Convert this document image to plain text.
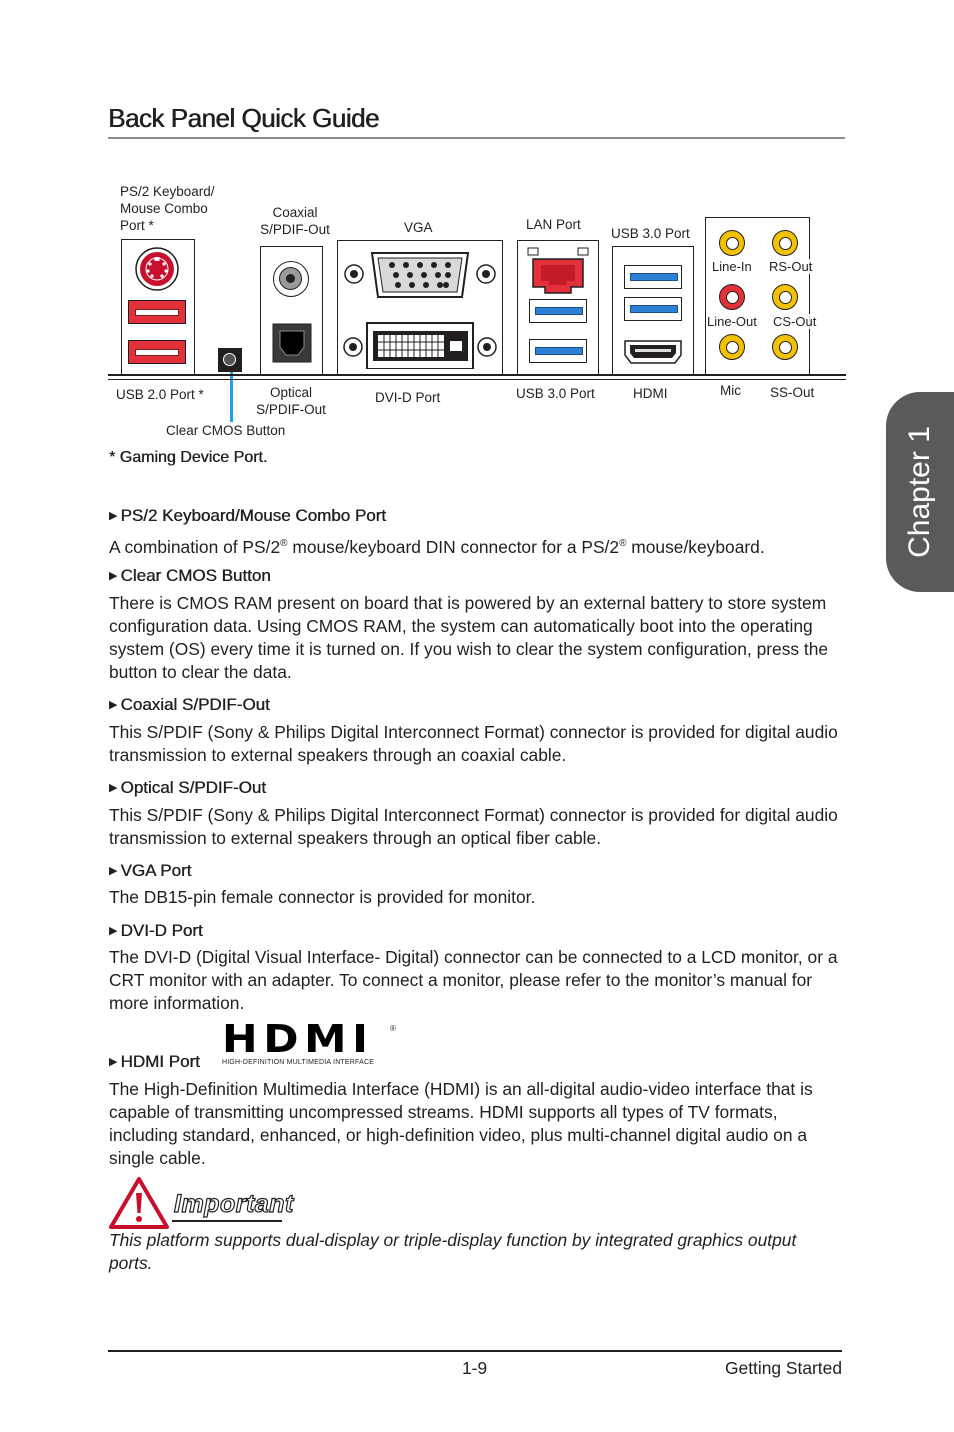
Back Panel Quick Guide
Chapter 1
PS/2 Keyboard/
Mouse Combo
Port *
Coaxial
S/PDIF-Out	VGA	LAN Port
USB 3.0 Port
Line-In RS-Out
Line-Out CS-Out
USB 2.0 Port *	Optical
S/PDIF-Out
DVI-D Port	USB 3.0 Port	HDMI	Mic SS-Out
Clear CMOS Button
* Gaming Device Port.
▶ PS/2 Keyboard/Mouse Combo Port
A combination of PS/2® mouse/keyboard DIN connector for a PS/2® mouse/keyboard.
▶ Clear CMOS Button
There is CMOS RAM present on board that is powered by an external battery to store system configuration data. Using CMOS RAM, the system can automatically boot into the operating system (OS) every time it is turned on. If you wish to clear the system configuration, press the button to clear the data.
▶ Coaxial S/PDIF-Out
This S/PDIF (Sony & Philips Digital Interconnect Format) connector is provided for digital audio transmission to external speakers through an coaxial cable.
▶ Optical S/PDIF-Out
This S/PDIF (Sony & Philips Digital Interconnect Format) connector is provided for digital audio transmission to external speakers through an optical fiber cable.
▶ VGA Port
The DB15-pin female connector is provided for monitor.
▶ DVI-D Port
The DVI-D (Digital Visual Interface- Digital) connector can be connected to a LCD monitor, or a CRT monitor with an adapter. To connect a monitor, please refer to the monitor’s manual for more information.
▶ HDMI Port
HDMI ®
HIGH-DEFINITION MULTIMEDIA INTERFACE
The High-Definition Multimedia Interface (HDMI) is an all-digital audio-video interface that is capable of transmitting uncompressed streams. HDMI supports all types of TV formats, including standard, enhanced, or high-definition video, plus multi-channel digital audio on a single cable.
Important
This platform supports dual-display or triple-display function by integrated graphics output ports.
1-9	Getting Started
